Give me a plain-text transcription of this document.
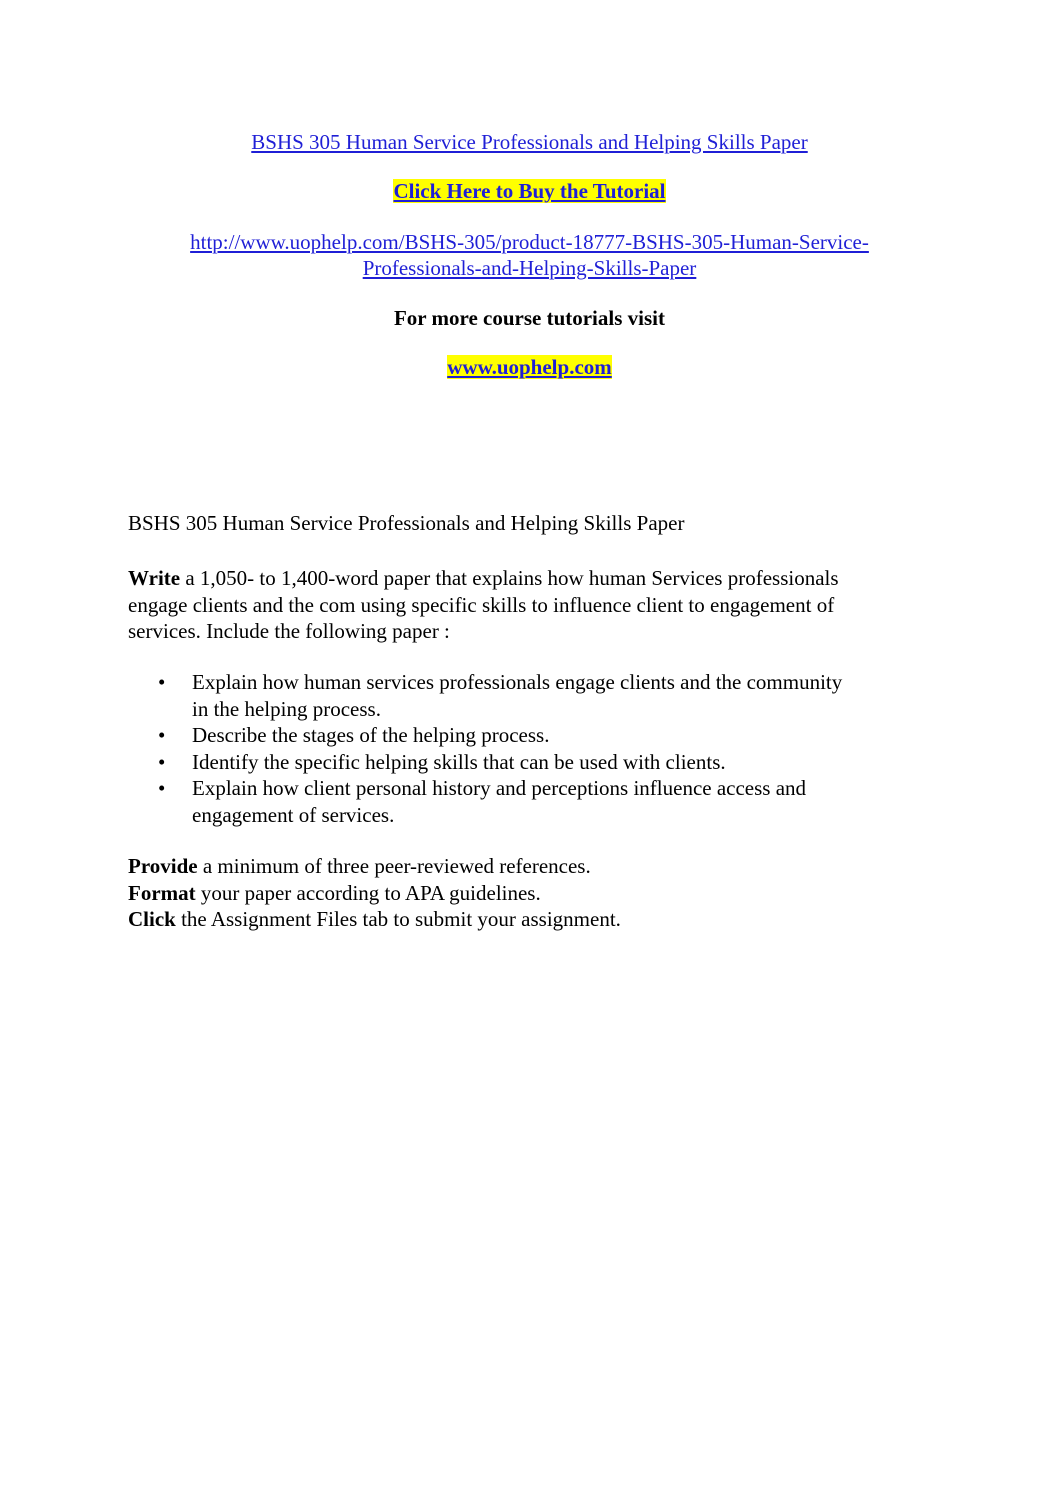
BSHS 305 Human Service Professionals and Helping Skills Paper
Click Here to Buy the Tutorial
http://www.uophelp.com/BSHS-305/product-18777-BSHS-305-Human-Service-
Professionals-and-Helping-Skills-Paper
For more course tutorials visit
www.uophelp.com
BSHS 305 Human Service Professionals and Helping Skills Paper
Write a 1,050- to 1,400-word paper that explains how human Services professionals
engage clients and the com using specific skills to influence client to engagement of
services. Include the following paper :
• Explain how human services professionals engage clients and the community
in the helping process.
• Describe the stages of the helping process.
• Identify the specific helping skills that can be used with clients.
• Explain how client personal history and perceptions influence access and
engagement of services.
Provide a minimum of three peer-reviewed references.
Format your paper according to APA guidelines.
Click the Assignment Files tab to submit your assignment.
